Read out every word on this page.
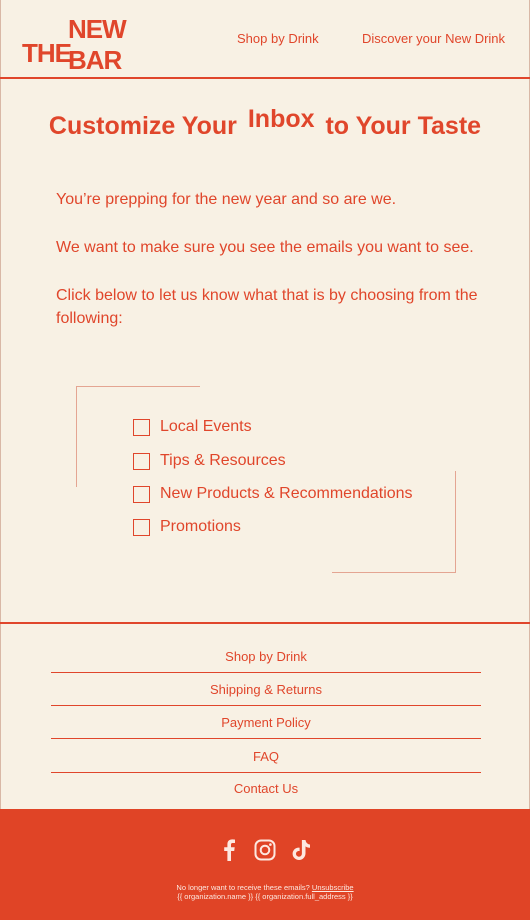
NEW BAR
THE	Shop by Drink	Discover your New Drink
Customize Your Inbox to Your Taste

You’re prepping for the new year and so are we.

We want to make sure you see the emails you want to see.

Click below to let us know what that is by choosing from the following:

Local Events
Tips & Resources
New Products & Recommendations
Promotions
Shop by Drink
Shipping & Returns
Payment Policy
FAQ
Contact Us
No longer want to receive these emails? Unsubscribe
{{ organization.name }} {{ organization.full_address }}
